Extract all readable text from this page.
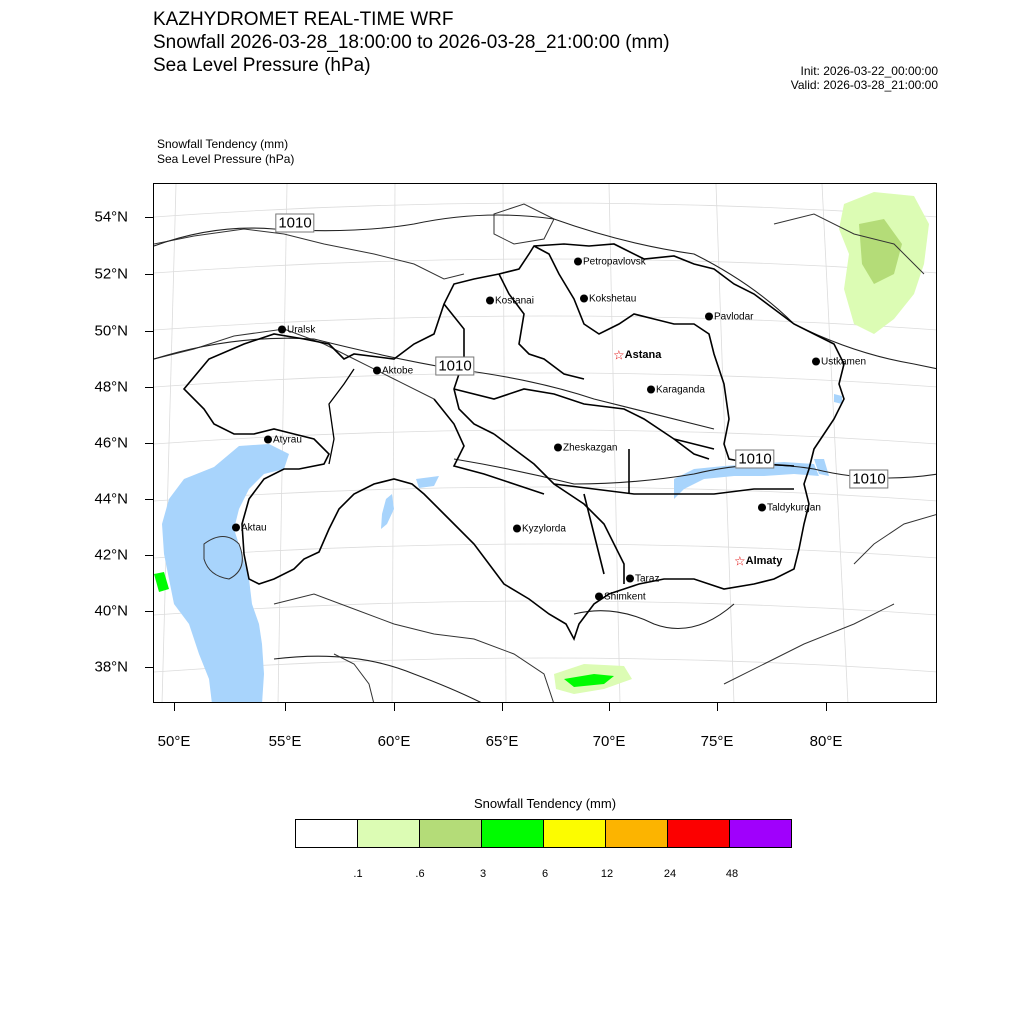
KAZHYDROMET REAL-TIME WRF
Snowfall 2026-03-28_18:00:00 to 2026-03-28_21:00:00 (mm)
Sea Level Pressure (hPa)	Init: 2026-03-22_00:00:00
Valid: 2026-03-28_21:00:00
Snowfall Tendency (mm)
Sea Level Pressure (hPa)
54°N
52°N
50°N
48°N
46°N
44°N
42°N
40°N
38°N
50°E	55°E	60°E	65°E	70°E	75°E	80°E
Petropavlovsk
Kostanai	Kokshetau
Uralsk
Pavlodar
☆Astana
Aktobe
Ustkamen
Karaganda
Atyrau
Zheskazgan
Taldykurgan
Aktau	Kyzylorda
☆Almaty
Taraz
Shimkent
1010
1010
1010
1010
Snowfall Tendency (mm)
.1	.6	3	6	12	24	48
